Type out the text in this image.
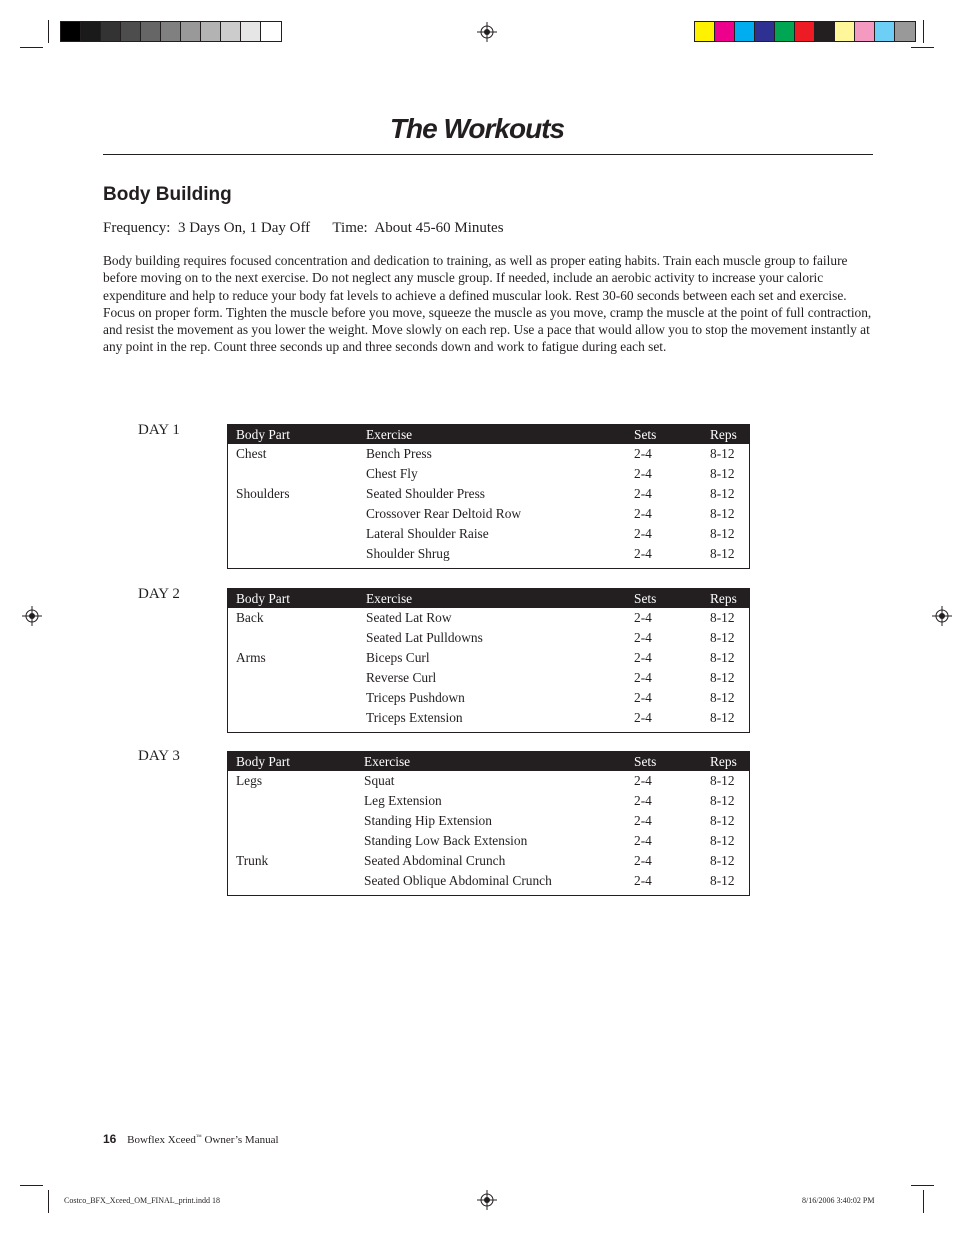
The Workouts
Body Building
Frequency:  3 Days On, 1 Day Off      Time:  About 45-60 Minutes
Body building requires focused concentration and dedication to training, as well as proper eating habits. Train each muscle group to failure before moving on to the next exercise. Do not neglect any muscle group. If needed, include an aerobic activity to increase your caloric expenditure and help to reduce your body fat levels to achieve a defined muscular look. Rest 30-60 seconds between each set and exercise. Focus on proper form. Tighten the muscle before you move, squeeze the muscle as you move, cramp the muscle at the point of full contraction, and resist the movement as you lower the weight. Move slowly on each rep. Use a pace that would allow you to stop the movement instantly at any point in the rep. Count three seconds up and three seconds down and work to fatigue during each set.
DAY 1	Body Part	Exercise	Sets	Reps
Chest	Bench Press	2-4	8-12
	Chest Fly	2-4	8-12
Shoulders	Seated Shoulder Press	2-4	8-12
	Crossover Rear Deltoid Row	2-4	8-12
	Lateral Shoulder Raise	2-4	8-12
	Shoulder Shrug	2-4	8-12
DAY 2	Body Part	Exercise	Sets	Reps
Back	Seated Lat Row	2-4	8-12
	Seated Lat Pulldowns	2-4	8-12
Arms	Biceps Curl	2-4	8-12
	Reverse Curl	2-4	8-12
	Triceps Pushdown	2-4	8-12
	Triceps Extension	2-4	8-12
DAY 3	Body Part	Exercise	Sets	Reps
Legs	Squat	2-4	8-12
	Leg Extension	2-4	8-12
	Standing Hip Extension	2-4	8-12
	Standing Low Back Extension	2-4	8-12
Trunk	Seated Abdominal Crunch	2-4	8-12
	Seated Oblique Abdominal Crunch	2-4	8-12
16 Bowflex Xceed™ Owner’s Manual
Costco_BFX_Xceed_OM_FINAL_print.indd 18	8/16/2006 3:40:02 PM
